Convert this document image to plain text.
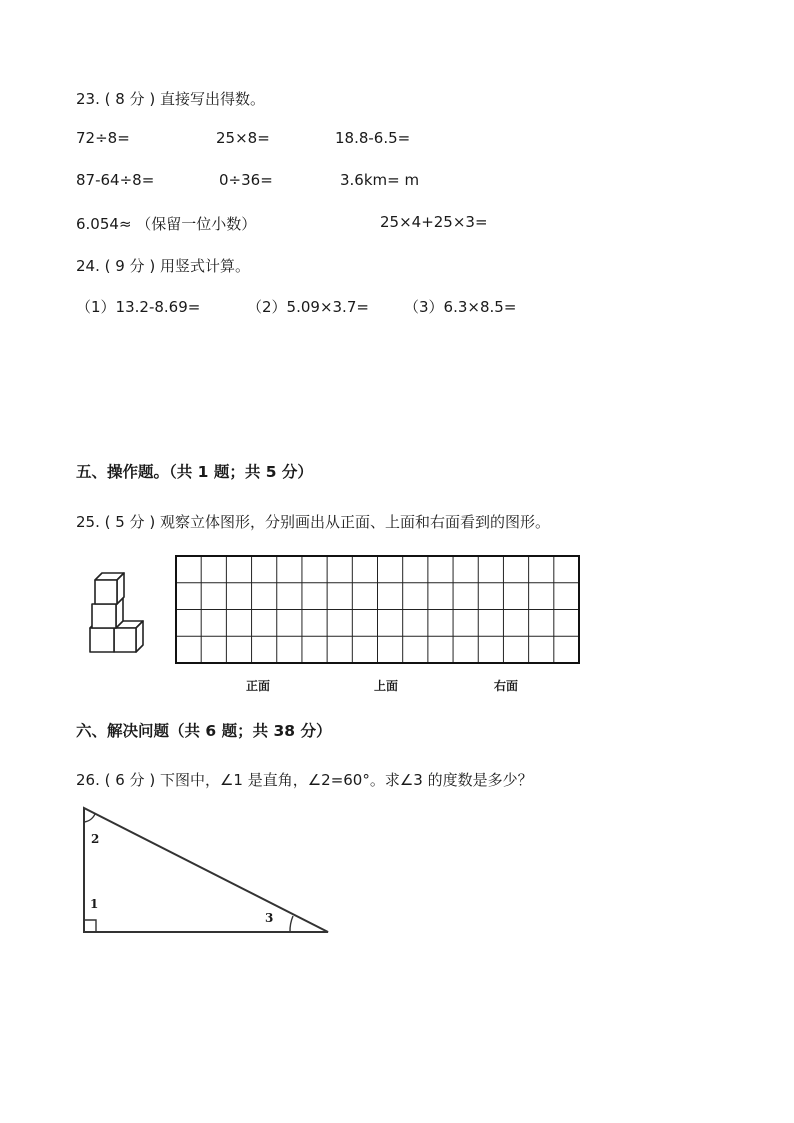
23. ( 8 分 ) 直接写出得数。
72÷8=	25×8=	18.8-6.5=
87-64÷8=	0÷36=	3.6km= m
6.054≈ （保留一位小数）	25×4+25×3=
24. ( 9 分 ) 用竖式计算。
（1）13.2-8.69=	（2）5.09×3.7= （3）6.3×8.5=
五、操作题。（共 1 题；共 5 分）
25. ( 5 分 ) 观察立体图形，分别画出从正面、上面和右面看到的图形。
正面	上面	右面
六、解决问题（共 6 题；共 38 分）
26. ( 6 分 ) 下图中，∠1 是直角，∠2=60°。求∠3 的度数是多少？
2
1
3
